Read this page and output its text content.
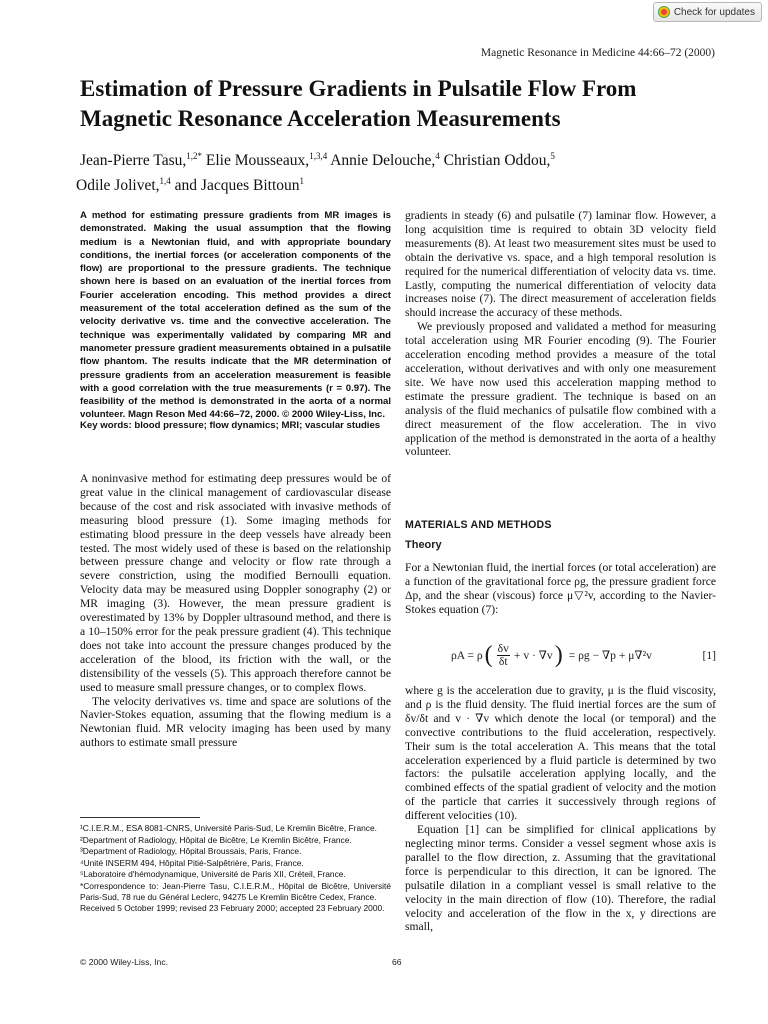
Check for updates
Magnetic Resonance in Medicine 44:66–72 (2000)
Estimation of Pressure Gradients in Pulsatile Flow From Magnetic Resonance Acceleration Measurements

Jean-Pierre Tasu,$^{1,2*}$ Elie Mousseaux,$^{1,3,4}$ Annie Delouche,$^4$ Christian Oddou,$^5$
Odile Jolivet,$^{1,4}$ and Jacques Bittoun$^1$

A method for estimating pressure gradients from MR images is demonstrated. Making the usual assumption that the flowing medium is a Newtonian fluid, and with appropriate boundary conditions, the inertial forces (or acceleration components of the flow) are proportional to the pressure gradients. The technique shown here is based on an evaluation of the inertial forces from Fourier acceleration encoding. This method provides a direct measurement of the total acceleration defined as the sum of the velocity derivative vs. time and the convective acceleration. The technique was experimentally validated by comparing MR and manometer pressure gradient measurements obtained in a pulsatile flow phantom. The results indicate that the MR determination of pressure gradients from an acceleration measurement is feasible with a good correlation with the true measurements (r = 0.97). The feasibility of the method is demonstrated in the aorta of a normal volunteer. Magn Reson Med 44:66–72, 2000. © 2000 Wiley-Liss, Inc.

Key words: blood pressure; flow dynamics; MRI; vascular studies

A noninvasive method for estimating deep pressures would be of great value in the clinical management of cardiovascular disease because of the cost and risk associated with invasive methods of measuring blood pressure (1). Some imaging methods for estimating blood pressure in the deep vessels have already been tested. The most widely used of these is based on the relationship between pressure change and velocity or flow rate through a severe constriction, using the modified Bernoulli equation. Velocity data may be measured using Doppler sonography (2) or MR imaging (3). However, the mean pressure gradient is overestimated by 13% by Doppler ultrasound method, and there is a 10–150% error for the peak pressure gradient (4). This technique does not take into account the pressure changes produced by the acceleration of the blood, its friction with the wall, or the distensibility of the vessels (5). This approach therefore cannot be used to measure small pressure changes, or to complex flows.

The velocity derivatives vs. time and space are solutions of the Navier-Stokes equation, assuming that the flowing medium is a Newtonian fluid. MR velocity imaging has been used by many authors to estimate small pressure

gradients in steady (6) and pulsatile (7) laminar flow. However, a long acquisition time is required to obtain 3D velocity field measurements (8). At least two measurement sites must be used to obtain the derivative vs. space, and a high temporal resolution is required for the numerical differentiation of velocity data vs. time. Lastly, computing the numerical differentiation of velocity data increases noise (7). The direct measurement of acceleration fields should increase the accuracy of these methods.

We previously proposed and validated a method for measuring total acceleration using MR Fourier encoding (9). The Fourier acceleration encoding method provides a measure of the total acceleration, without derivatives and with only one measurement site. We have now used this acceleration mapping method to estimate the pressure gradient. The technique is based on an analysis of the fluid mechanics of pulsatile flow combined with a direct measurement of the flow acceleration. The in vivo application of the method is demonstrated in the aorta of a healthy volunteer.

MATERIALS AND METHODS
Theory

For a Newtonian fluid, the inertial forces (or total acceleration) are a function of the gravitational force ρg, the pressure gradient force Δp, and the shear (viscous) force μ▽²v, according to the Navier-Stokes equation (7):

ρA = ρ ( $\frac{\delta v}{\delta t} + v \cdot \nabla v$ ) = ρg − ∇p + μ∇²v	[1]

where g is the acceleration due to gravity, μ is the fluid viscosity, and ρ is the fluid density. The fluid inertial forces are the sum of δv/δt and v · ∇v which denote the local (or temporal) and the convective contributions to the fluid acceleration, respectively. Their sum is the total acceleration A. This means that the total acceleration experienced by a fluid particle is determined by two factors: the pulsatile acceleration applying locally, and the combined effects of the spatial gradient of velocity and the motion of the particle that carries it successively through regions of different velocities (10).

Equation [1] can be simplified for clinical applications by neglecting minor terms. Consider a vessel segment whose axis is parallel to the flow direction, z. Assuming that the gravitational force is perpendicular to this direction, it can be ignored. The pulsatile dilation in a compliant vessel is small relative to the velocity in the main direction of flow (10). Therefore, the radial velocity and acceleration of the flow in the x, y directions are small,

¹C.I.E.R.M., ESA 8081-CNRS, Université Paris-Sud, Le Kremlin Bicêtre, France.
²Department of Radiology, Hôpital de Bicêtre, Le Kremlin Bicêtre, France.
³Department of Radiology, Hôpital Broussais, Paris, France.
⁴Unité INSERM 494, Hôpital Pitié-Salpêtrière, Paris, France.
⁵Laboratoire d'hémodynamique, Université de Paris XII, Créteil, France.
*Correspondence to: Jean-Pierre Tasu, C.I.E.R.M., Hôpital de Bicêtre, Université Paris-Sud, 78 rue du Général Leclerc, 94275 Le Kremlin Bicêtre Cedex, France.
Received 5 October 1999; revised 23 February 2000; accepted 23 February 2000.
© 2000 Wiley-Liss, Inc.	66
